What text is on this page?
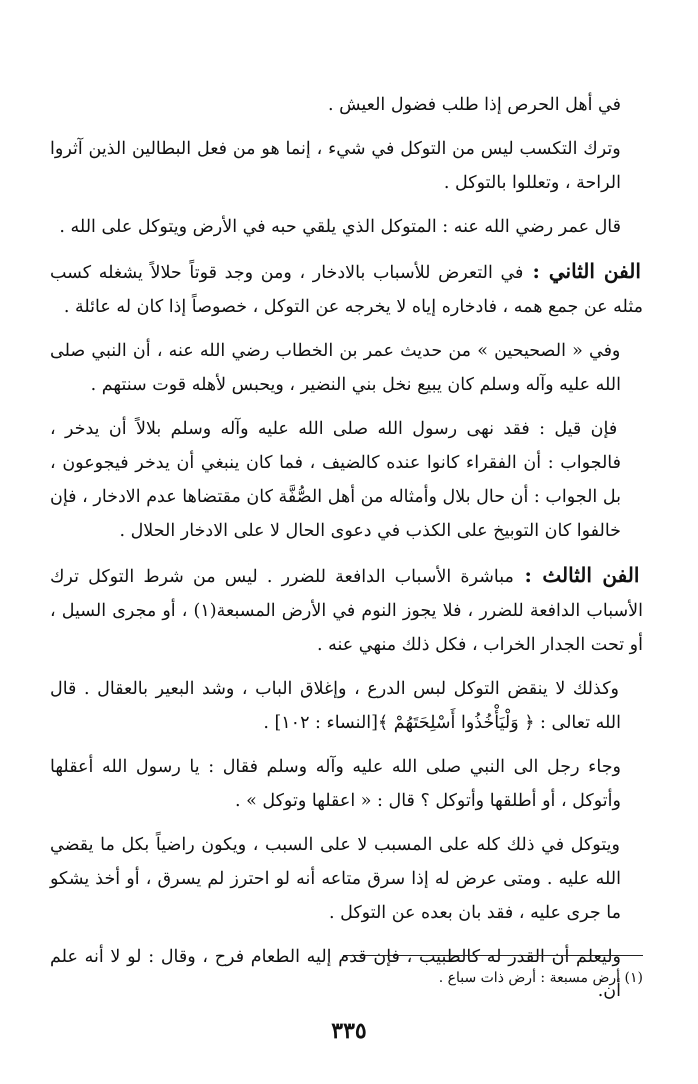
في أهل الحرص إذا طلب فضول العيش .

وترك التكسب ليس من التوكل في شيء ، إنما هو من فعل البطالين الذين آثروا الراحة ، وتعللوا بالتوكل .

قال عمر رضي الله عنه : المتوكل الذي يلقي حبه في الأرض ويتوكل على الله .

الفن الثاني : في التعرض للأسباب بالادخار ، ومن وجد قوتاً حلالاً يشغله كسب مثله عن جمع همه ، فادخاره إياه لا يخرجه عن التوكل ، خصوصاً إذا كان له عائلة .

وفي « الصحيحين » من حديث عمر بن الخطاب رضي الله عنه ، أن النبي صلى الله عليه وآله وسلم كان يبيع نخل بني النضير ، ويحبس لأهله قوت سنتهم .

فإن قيل : فقد نهى رسول الله صلى الله عليه وآله وسلم بلالاً أن يدخر ، فالجواب : أن الفقراء كانوا عنده كالضيف ، فما كان ينبغي أن يدخر فيجوعون ، بل الجواب : أن حال بلال وأمثاله من أهل الصُّفَّة كان مقتضاها عدم الادخار ، فإن خالفوا كان التوبيخ على الكذب في دعوى الحال لا على الادخار الحلال .

الفن الثالث : مباشرة الأسباب الدافعة للضرر . ليس من شرط التوكل ترك الأسباب الدافعة للضرر ، فلا يجوز النوم في الأرض المسبعة(١) ، أو مجرى السيل ، أو تحت الجدار الخراب ، فكل ذلك منهي عنه .

وكذلك لا ينقض التوكل لبس الدرع ، وإغلاق الباب ، وشد البعير بالعقال . قال الله تعالى : ﴿ وَلْيَأْخُذُوا أَسْلِحَتَهُمْ ﴾[النساء : ١٠٢] .

وجاء رجل الى النبي صلى الله عليه وآله وسلم فقال : يا رسول الله أعقلها وأتوكل ، أو أطلقها وأتوكل ؟ قال : « اعقلها وتوكل » .

ويتوكل في ذلك كله على المسبب لا على السبب ، ويكون راضياً بكل ما يقضي الله عليه . ومتى عرض له إذا سرق متاعه أنه لو احترز لم يسرق ، أو أخذ يشكو ما جرى عليه ، فقد بان بعده عن التوكل .

وليعلم أن القدر له كالطبيب ، فإن قدم إليه الطعام فرح ، وقال : لو لا أنه علم أن.

(١) أرض مسبعة : أرض ذات سباع .
٣٣٥
